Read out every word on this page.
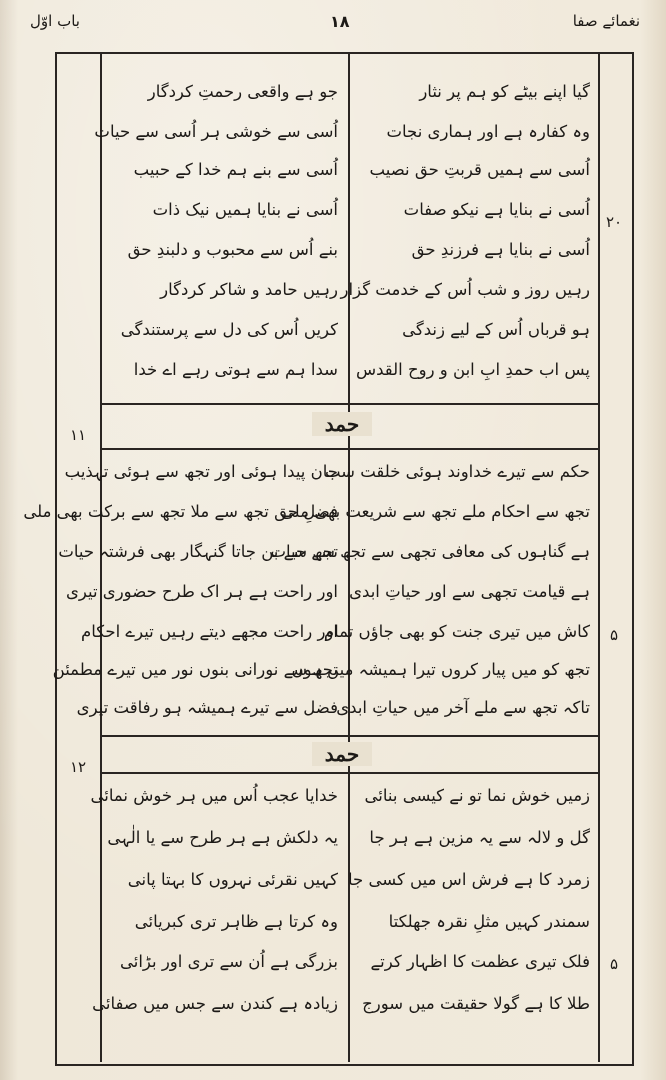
نغمائے صفا
۱۸
باب اوّل
۱۱
۱۲
۲۰
۵
۵
حمد
حمد
گیا اپنے بیٹے کو ہم پر نثار
وہ کفارہ ہے اور ہماری نجات
اُسی سے ہمیں قربتِ حق نصیب
اُسی نے بنایا ہے نیکو صفات
اُسی نے بنایا ہے فرزندِ حق
رہیں روز و شب اُس کے خدمت گزار
ہو قرباں اُس کے لیے زندگی
پس اب حمدِ ابِ ابن و روح القدس
جو ہے واقعی رحمتِ کردگار
اُسی سے خوشی ہر اُسی سے حیات
اُسی سے بنے ہم خدا کے حبیب
اُسی نے بنایا ہمیں نیک ذات
بنے اُس سے محبوب و دلبندِ حق
رہیں حامد و شاکر کردگار
کریں اُس کی دل سے پرستندگی
سدا ہم سے ہوتی رہے اے خدا
حکم سے تیرے خداوند ہوئی خلقت سب
تجھ سے احکام ملے تجھ سے شریعت بھی ملی
ہے گناہوں کی معافی تجھی سے تجھ سے حیات
ہے قیامت تجھی سے اور حیاتِ ابدی
کاش میں تیری جنت کو بھی جاؤں تمام
تجھ کو میں پیار کروں تیرا ہمیشہ میں ہوں
تاکہ تجھ سے ملے آخر میں حیاتِ ابدی
جان پیدا ہوئی اور تجھ سے ہوئی تہذیب
فضلِ حق تجھ سے ملا تجھ سے برکت بھی ملی
تجھ سے بن جاتا گنہگار بھی فرشتہ حیات
اور راحت ہے ہر اک طرح حضوری تیری
اور راحت مجھے دیتے رہیں تیرے احکام
تجھ سے نورانی بنوں نور میں تیرے مطمئن
فضل سے تیرے ہمیشہ ہو رفاقت تیری
زمیں خوش نما تو نے کیسی بنائی
گل و لالہ سے یہ مزین ہے ہر جا
زمرد کا ہے فرش اس میں کسی جا
سمندر کہیں مثلِ نقرہ جھلکتا
فلک تیری عظمت کا اظہار کرتے
طلا کا ہے گولا حقیقت میں سورج
خدایا عجب اُس میں ہر خوش نمائی
یہ دلکش ہے ہر طرح سے یا الٰہی
کہیں نقرئی نہروں کا بہتا پانی
وہ کرتا ہے ظاہر تری کبریائی
بزرگی ہے اُن سے تری اور بڑائی
زیادہ ہے کندن سے جس میں صفائی
